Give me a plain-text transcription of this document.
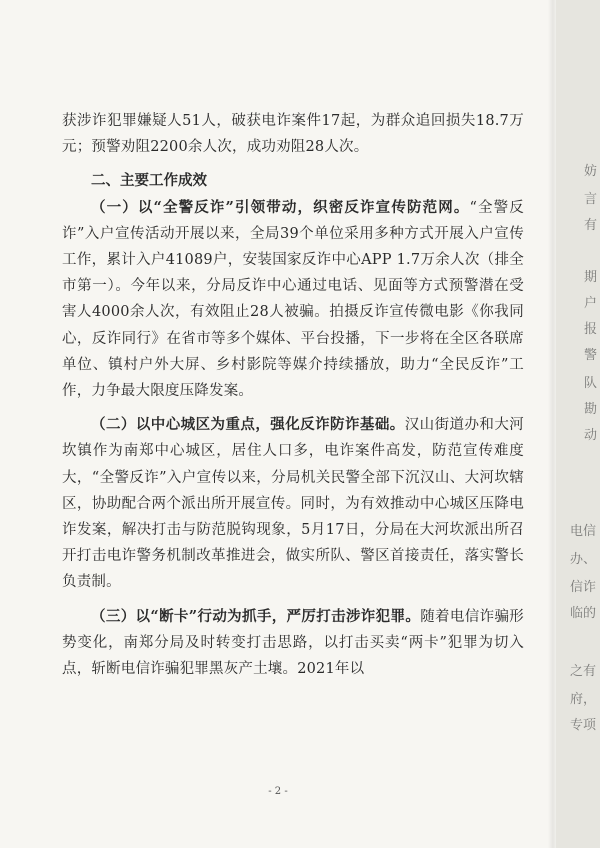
获涉诈犯罪嫌疑人51人，破获电诈案件17起，为群众追回损失18.7万元；预警劝阻2200余人次，成功劝阻28人次。

二、主要工作成效

（一）以“全警反诈”引领带动，织密反诈宣传防范网。“全警反诈”入户宣传活动开展以来，全局39个单位采用多种方式开展入户宣传工作，累计入户41089户，安装国家反诈中心APP 1.7万余人次（排全市第一）。今年以来，分局反诈中心通过电话、见面等方式预警潜在受害人4000余人次，有效阻止28人被骗。拍摄反诈宣传微电影《你我同心，反诈同行》在省市等多个媒体、平台投播，下一步将在全区各联席单位、镇村户外大屏、乡村影院等媒介持续播放，助力“全民反诈”工作，力争最大限度压降发案。

（二）以中心城区为重点，强化反诈防诈基础。汉山街道办和大河坎镇作为南郑中心城区，居住人口多，电诈案件高发，防范宣传难度大，“全警反诈”入户宣传以来，分局机关民警全部下沉汉山、大河坎辖区，协助配合两个派出所开展宣传。同时，为有效推动中心城区压降电诈发案，解决打击与防范脱钩现象，5月17日，分局在大河坎派出所召开打击电诈警务机制改革推进会，做实所队、警区首接责任，落实警长负责制。

（三）以“断卡”行动为抓手，严厉打击涉诈犯罪。随着电信诈骗形势变化，南郑分局及时转变打击思路，以打击买卖“两卡”犯罪为切入点，斩断电信诈骗犯罪黑灰产土壤。2021年以

- 2 -
妨
言
有
期
户
报
警
队
勘
动
电信
办、
信诈
临的
之有
府，
专项
